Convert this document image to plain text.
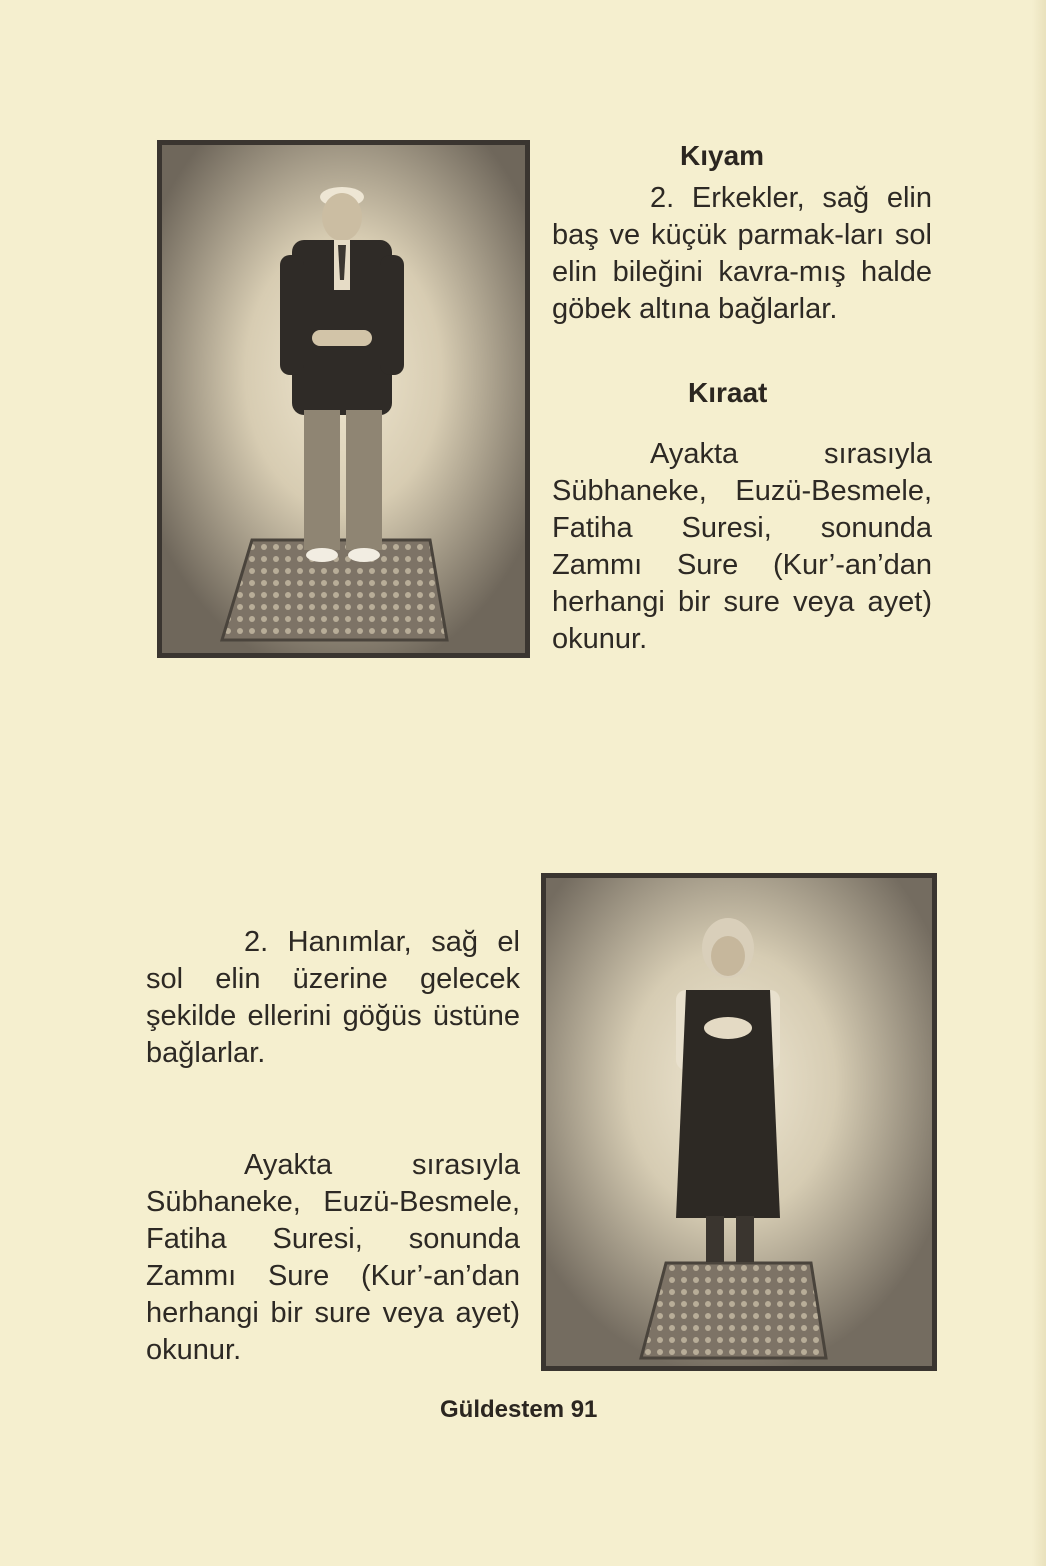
Kıyam

2. Erkekler, sağ elin baş ve küçük parmak-ları sol elin bileğini kavra-mış halde göbek altına bağlarlar.

Kıraat

Ayakta sırasıyla Sübhaneke, Euzü-Besmele, Fatiha Suresi, sonunda Zammı Sure (Kur’-an’dan herhangi bir sure veya ayet) okunur.

2. Hanımlar, sağ el sol elin üzerine gelecek şekilde ellerini göğüs üstüne bağlarlar.

Ayakta sırasıyla Sübhaneke, Euzü-Besmele, Fatiha Suresi, sonunda Zammı Sure (Kur’-an’dan herhangi bir sure veya ayet) okunur.

Güldestem 91
